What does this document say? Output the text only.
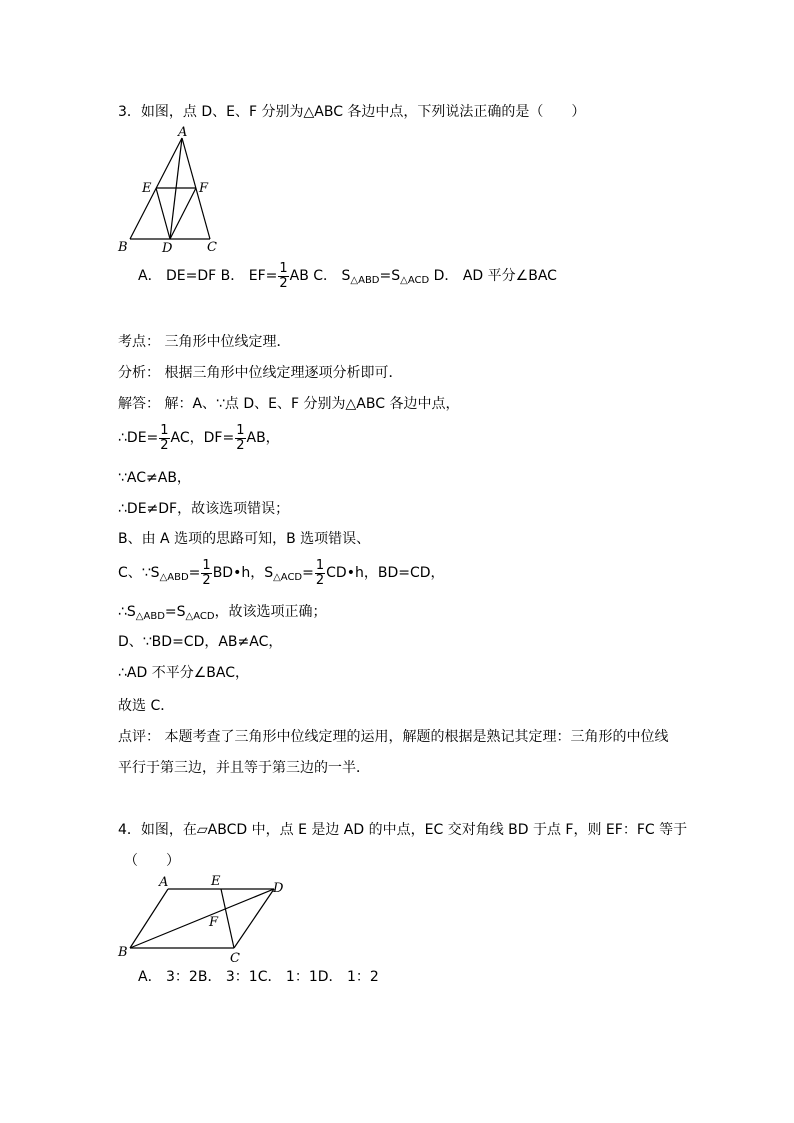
3．如图，点 D、E、F 分别为△ABC 各边中点，下列说法正确的是（　　）
A
E	F
B	D	C
A． DE=DF B． $EF= \frac{1}{2}$ AB C． $S_{\triangle ABD}=S_{\triangle ACD}$ D． AD 平分∠BAC
考点： 三角形中位线定理．
分析： 根据三角形中位线定理逐项分析即可．
解答： 解：A、∵点 D、E、F 分别为△ABC 各边中点，
∴DE= $\frac{1}{2}$ AC，$DF= \frac{1}{2}$ AB，
∵AC≠AB，
∴DE≠DF，故该选项错误；
B、由 A 选项的思路可知，B 选项错误、
C、$\because S_{\triangle ABD}= \frac{1}{2}$ BD•h，$S_{\triangle ACD}= \frac{1}{2}$ CD•h，BD=CD，
$\therefore S_{\triangle ABD}=S_{\triangle ACD}$，故该选项正确；
D、∵BD=CD，AB≠AC，
∴AD 不平分∠BAC，
故选 C．
点评： 本题考查了三角形中位线定理的运用，解题的根据是熟记其定理：三角形的中位线
平行于第三边，并且等于第三边的一半．
4．如图，在▱ABCD 中，点 E 是边 AD 的中点，EC 交对角线 BD 于点 F，则 EF：FC 等于
（　　）
A	E	D
F
B	C
A． 3：2B． 3：1C． 1：1D． 1：2
